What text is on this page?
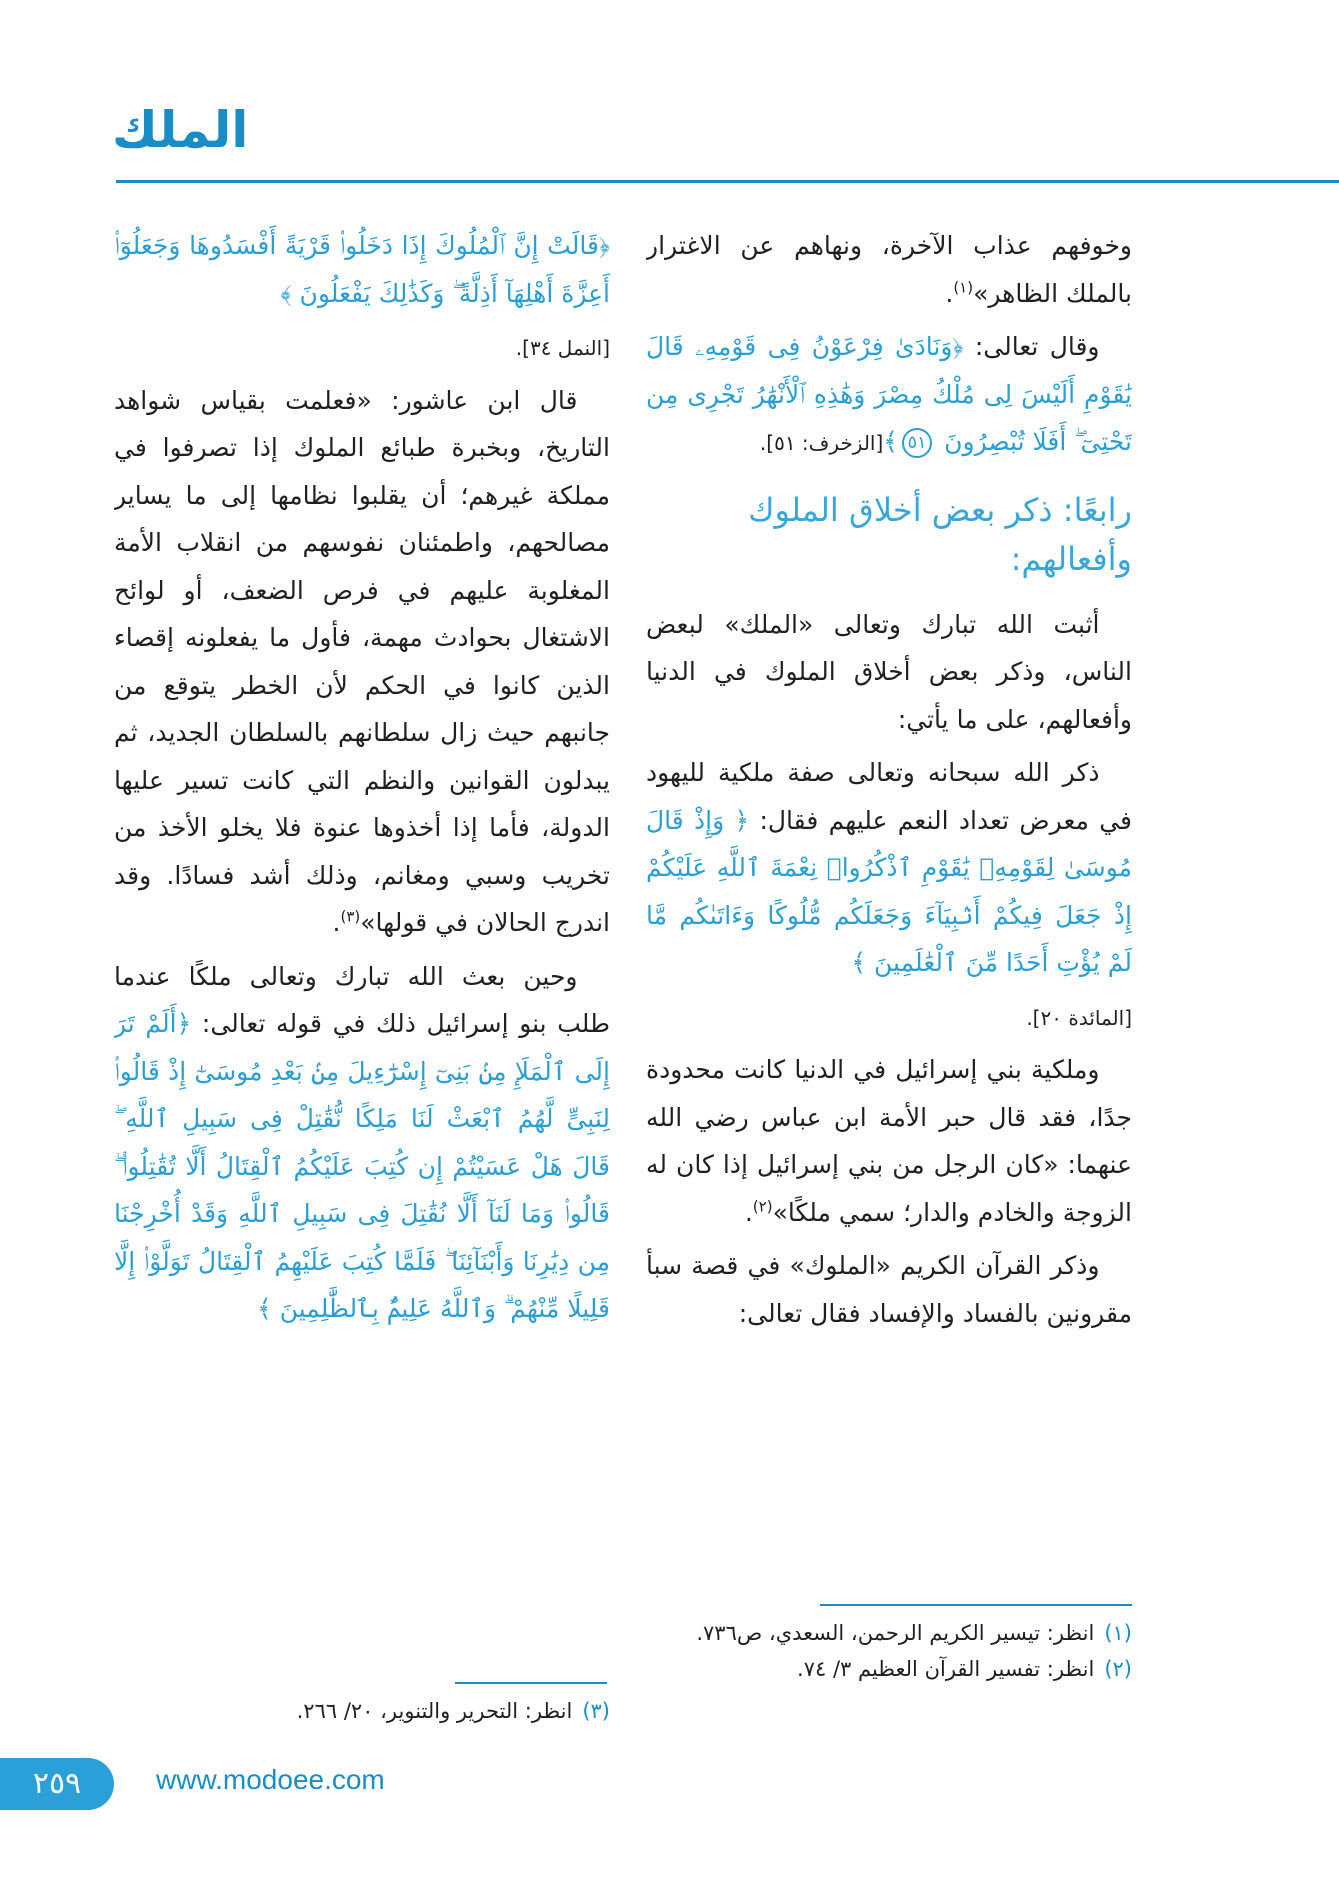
الملك

وخوفهم عذاب الآخرة، ونهاهم عن الاغترار بالملك الظاهر»$^{(١)}$.

وقال تعالى: ﴿وَنَادَىٰ فِرْعَوْنُ فِى قَوْمِهِۦ قَالَ يَٰقَوْمِ أَلَيْسَ لِى مُلْكُ مِصْرَ وَهَٰذِهِ ٱلْأَنْهَٰرُ تَجْرِى مِن تَحْتِىٓ ۖ أَفَلَا تُبْصِرُونَ ٥١﴾[الزخرف: ٥١].

رابعًا: ذكر بعض أخلاق الملوك وأفعالهم:

أثبت الله تبارك وتعالى «الملك» لبعض الناس، وذكر بعض أخلاق الملوك في الدنيا وأفعالهم، على ما يأتي:

ذكر الله سبحانه وتعالى صفة ملكية لليهود في معرض تعداد النعم عليهم فقال: ﴿ وَإِذْ قَالَ مُوسَىٰ لِقَوْمِهِۦ يَٰقَوْمِ ٱذْكُرُوا۟ نِعْمَةَ ٱللَّهِ عَلَيْكُمْ إِذْ جَعَلَ فِيكُمْ أَنۢبِيَآءَ وَجَعَلَكُم مُّلُوكًا وَءَاتَىٰكُم مَّا لَمْ يُؤْتِ أَحَدًا مِّنَ ٱلْعَٰلَمِينَ ﴾

[المائدة ٢٠].

وملكية بني إسرائيل في الدنيا كانت محدودة جدًا، فقد قال حبر الأمة ابن عباس رضي الله عنهما: «كان الرجل من بني إسرائيل إذا كان له الزوجة والخادم والدار؛ سمي ملكًا»$^{(٢)}$.

وذكر القرآن الكريم «الملوك» في قصة سبأ مقرونين بالفساد والإفساد فقال تعالى:

(١)انظر: تيسير الكريم الرحمن، السعدي، ص٧٣٦.

(٢)انظر: تفسير القرآن العظيم ٣/ ٧٤.

﴿قَالَتْ إِنَّ ٱلْمُلُوكَ إِذَا دَخَلُوا۟ قَرْيَةً أَفْسَدُوهَا وَجَعَلُوٓا۟ أَعِزَّةَ أَهْلِهَآ أَذِلَّةً ۖ وَكَذَٰلِكَ يَفْعَلُونَ ﴾

[النمل ٣٤].

قال ابن عاشور: «فعلمت بقياس شواهد التاريخ، وبخبرة طبائع الملوك إذا تصرفوا في مملكة غيرهم؛ أن يقلبوا نظامها إلى ما يساير مصالحهم، واطمئنان نفوسهم من انقلاب الأمة المغلوبة عليهم في فرص الضعف، أو لوائح الاشتغال بحوادث مهمة، فأول ما يفعلونه إقصاء الذين كانوا في الحكم لأن الخطر يتوقع من جانبهم حيث زال سلطانهم بالسلطان الجديد، ثم يبدلون القوانين والنظم التي كانت تسير عليها الدولة، فأما إذا أخذوها عنوة فلا يخلو الأخذ من تخريب وسبي ومغانم، وذلك أشد فسادًا. وقد اندرج الحالان في قولها»$^{(٣)}$.

وحين بعث الله تبارك وتعالى ملكًا عندما طلب بنو إسرائيل ذلك في قوله تعالى: ﴿أَلَمْ تَرَ إِلَى ٱلْمَلَإِ مِنۢ بَنِىٓ إِسْرَٰٓءِيلَ مِنۢ بَعْدِ مُوسَىٰٓ إِذْ قَالُوا۟ لِنَبِىٍّ لَّهُمُ ٱبْعَثْ لَنَا مَلِكًا نُّقَٰتِلْ فِى سَبِيلِ ٱللَّهِ ۖ قَالَ هَلْ عَسَيْتُمْ إِن كُتِبَ عَلَيْكُمُ ٱلْقِتَالُ أَلَّا تُقَٰتِلُوا۟ ۖ قَالُوا۟ وَمَا لَنَآ أَلَّا نُقَٰتِلَ فِى سَبِيلِ ٱللَّهِ وَقَدْ أُخْرِجْنَا مِن دِيَٰرِنَا وَأَبْنَآئِنَا ۖ فَلَمَّا كُتِبَ عَلَيْهِمُ ٱلْقِتَالُ تَوَلَّوْا۟ إِلَّا قَلِيلًا مِّنْهُمْ ۗ وَٱللَّهُ عَلِيمٌۢ بِٱلظَّٰلِمِينَ ﴾

(٣)انظر: التحرير والتنوير، ٢٠/ ٢٦٦.

٢٥٩	www.modoee.com
